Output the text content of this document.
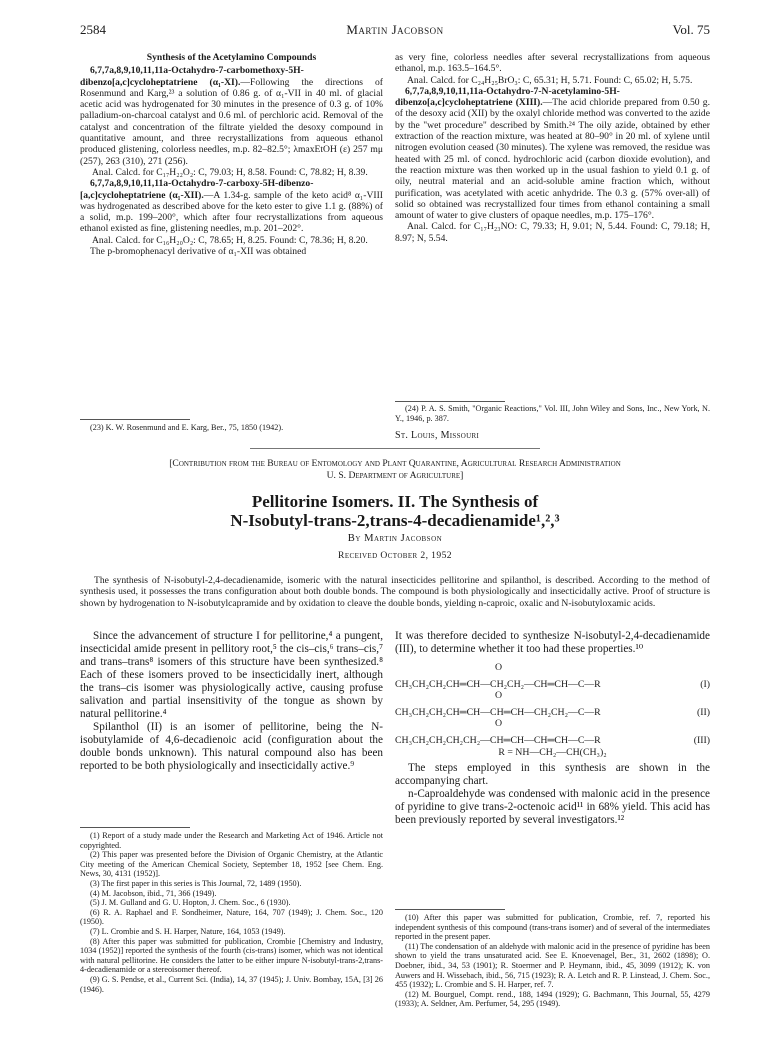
2584	Martin Jacobson	Vol. 75
Synthesis of the Acetylamino Compounds

6,7,7a,8,9,10,11,11a-Octahydro-7-carbomethoxy-5H-dibenzo[a,c]cycloheptatriene (α₁-XI).—Following the directions of Rosenmund and Karg,²³ a solution of 0.86 g. of α₁-VII in 40 ml. of glacial acetic acid was hydrogenated for 30 minutes in the presence of 0.3 g. of 10% palladium-on-charcoal catalyst and 0.6 ml. of perchloric acid. Removal of the catalyst and concentration of the filtrate yielded the desoxy compound in quantitative amount, and three recrystallizations from aqueous ethanol produced glistening, colorless needles, m.p. 82–82.5°; λmaxEtOH (ε) 257 mμ (257), 263 (310), 271 (256).

Anal. Calcd. for C₁₇H₂₂O₂: C, 79.03; H, 8.58. Found: C, 78.82; H, 8.39.

6,7,7a,8,9,10,11,11a-Octahydro-7-carboxy-5H-dibenzo-[a,c]cycloheptatriene (α₁-XII).—A 1.34-g. sample of the keto acid⁸ α₁-VIII was hydrogenated as described above for the keto ester to give 1.1 g. (88%) of a solid, m.p. 199–200°, which after four recrystallizations from aqueous ethanol existed as fine, glistening needles, m.p. 201–202°.

Anal. Calcd. for C₁₆H₂₀O₂: C, 78.65; H, 8.25. Found: C, 78.36; H, 8.20.

The p-bromophenacyl derivative of α₁-XII was obtained

(23) K. W. Rosenmund and E. Karg, Ber., 75, 1850 (1942).

as very fine, colorless needles after several recrystallizations from aqueous ethanol, m.p. 163.5–164.5°.

Anal. Calcd. for C₂₄H₂₅BrO₃: C, 65.31; H, 5.71. Found: C, 65.02; H, 5.75.

6,7,7a,8,9,10,11,11a-Octahydro-7-N-acetylamino-5H-dibenzo[a,c]cycloheptatriene (XIII).—The acid chloride prepared from 0.50 g. of the desoxy acid (XII) by the oxalyl chloride method was converted to the azide by the "wet procedure" described by Smith.²⁴ The oily azide, obtained by ether extraction of the reaction mixture, was heated at 80–90° in 20 ml. of xylene until nitrogen evolution ceased (30 minutes). The xylene was removed, the residue was heated with 25 ml. of concd. hydrochloric acid (carbon dioxide evolution), and the reaction mixture was then worked up in the usual fashion to yield 0.1 g. of oily, neutral material and an acid-soluble amine fraction which, without purification, was acetylated with acetic anhydride. The 0.3 g. (57% over-all) of solid so obtained was recrystallized four times from ethanol containing a small amount of water to give clusters of opaque needles, m.p. 175–176°.

Anal. Calcd. for C₁₇H₂₃NO: C, 79.33; H, 9.01; N, 5.44. Found: C, 79.18; H, 8.97; N, 5.54.

(24) P. A. S. Smith, "Organic Reactions," Vol. III, John Wiley and Sons, Inc., New York, N. Y., 1946, p. 387.

St. Louis, Missouri
[Contribution from the Bureau of Entomology and Plant Quarantine, Agricultural Research Administration
U. S. Department of Agriculture]
Pellitorine Isomers. II. The Synthesis of
N-Isobutyl-trans-2,trans-4-decadienamide¹,²,³
By Martin Jacobson
Received October 2, 1952

The synthesis of N-isobutyl-2,4-decadienamide, isomeric with the natural insecticides pellitorine and spilanthol, is described. According to the method of synthesis used, it possesses the trans configuration about both double bonds. The compound is both physiologically and insecticidally active. Proof of structure is shown by hydrogenation to N-isobutylcapramide and by oxidation to cleave the double bonds, yielding n-caproic, oxalic and N-isobutyloxamic acids.

Since the advancement of structure I for pellitorine,⁴ a pungent, insecticidal amide present in pellitory root,⁵ the cis–cis,⁶ trans–cis,⁷ and trans–trans⁸ isomers of this structure have been synthesized.⁸ Each of these isomers proved to be insecticidally inert, although the trans–cis isomer was physiologically active, causing profuse salivation and partial insensitivity of the tongue as shown by natural pellitorine.⁴

Spilanthol (II) is an isomer of pellitorine, being the N-isobutylamide of 4,6-decadienoic acid (configuration about the double bonds unknown). This natural compound also has been reported to be both physiologically and insecticidally active.⁹

(1) Report of a study made under the Research and Marketing Act of 1946. Article not copyrighted.

(2) This paper was presented before the Division of Organic Chemistry, at the Atlantic City meeting of the American Chemical Society, September 18, 1952 [see Chem. Eng. News, 30, 4131 (1952)].

(3) The first paper in this series is This Journal, 72, 1489 (1950).

(4) M. Jacobson, ibid., 71, 366 (1949).

(5) J. M. Gulland and G. U. Hopton, J. Chem. Soc., 6 (1930).

(6) R. A. Raphael and F. Sondheimer, Nature, 164, 707 (1949); J. Chem. Soc., 120 (1950).

(7) L. Crombie and S. H. Harper, Nature, 164, 1053 (1949).

(8) After this paper was submitted for publication, Crombie [Chemistry and Industry, 1034 (1952)] reported the synthesis of the fourth (cis-trans) isomer, which was not identical with natural pellitorine. He considers the latter to be either impure N-isobutyl-trans-2,trans-4-decadienamide or a stereoisomer thereof.

(9) G. S. Pendse, et al., Current Sci. (India), 14, 37 (1945); J. Univ. Bombay, 15A, [3] 26 (1946).

It was therefore decided to synthesize N-isobutyl-2,4-decadienamide (III), to determine whether it too had these properties.¹⁰

O
CH₃CH₂CH₂CH═CH—CH₂CH₂—CH═CH—C—R	(I)
O
CH₃CH₂CH₂CH═CH—CH═CH—CH₂CH₂—C—R	(II)
O
CH₃CH₂CH₂CH₂CH₂—CH═CH—CH═CH—C—R	(III)
R = NH—CH₂—CH(CH₃)₂

The steps employed in this synthesis are shown in the accompanying chart.

n-Caproaldehyde was condensed with malonic acid in the presence of pyridine to give trans-2-octenoic acid¹¹ in 68% yield. This acid has been previously reported by several investigators.¹²

(10) After this paper was submitted for publication, Crombie, ref. 7, reported his independent synthesis of this compound (trans-trans isomer) and of several of the intermediates reported in the present paper.

(11) The condensation of an aldehyde with malonic acid in the presence of pyridine has been shown to yield the trans unsaturated acid. See E. Knoevenagel, Ber., 31, 2602 (1898); O. Doebner, ibid., 34, 53 (1901); R. Stoermer and P. Heymann, ibid., 45, 3099 (1912); K. von Auwers and H. Wissebach, ibid., 56, 715 (1923); R. A. Letch and R. P. Linstead, J. Chem. Soc., 455 (1932); L. Crombie and S. H. Harper, ref. 7.

(12) M. Bourguel, Compt. rend., 188, 1494 (1929); G. Bachmann, This Journal, 55, 4279 (1933); A. Seldner, Am. Perfumer, 54, 295 (1949).
